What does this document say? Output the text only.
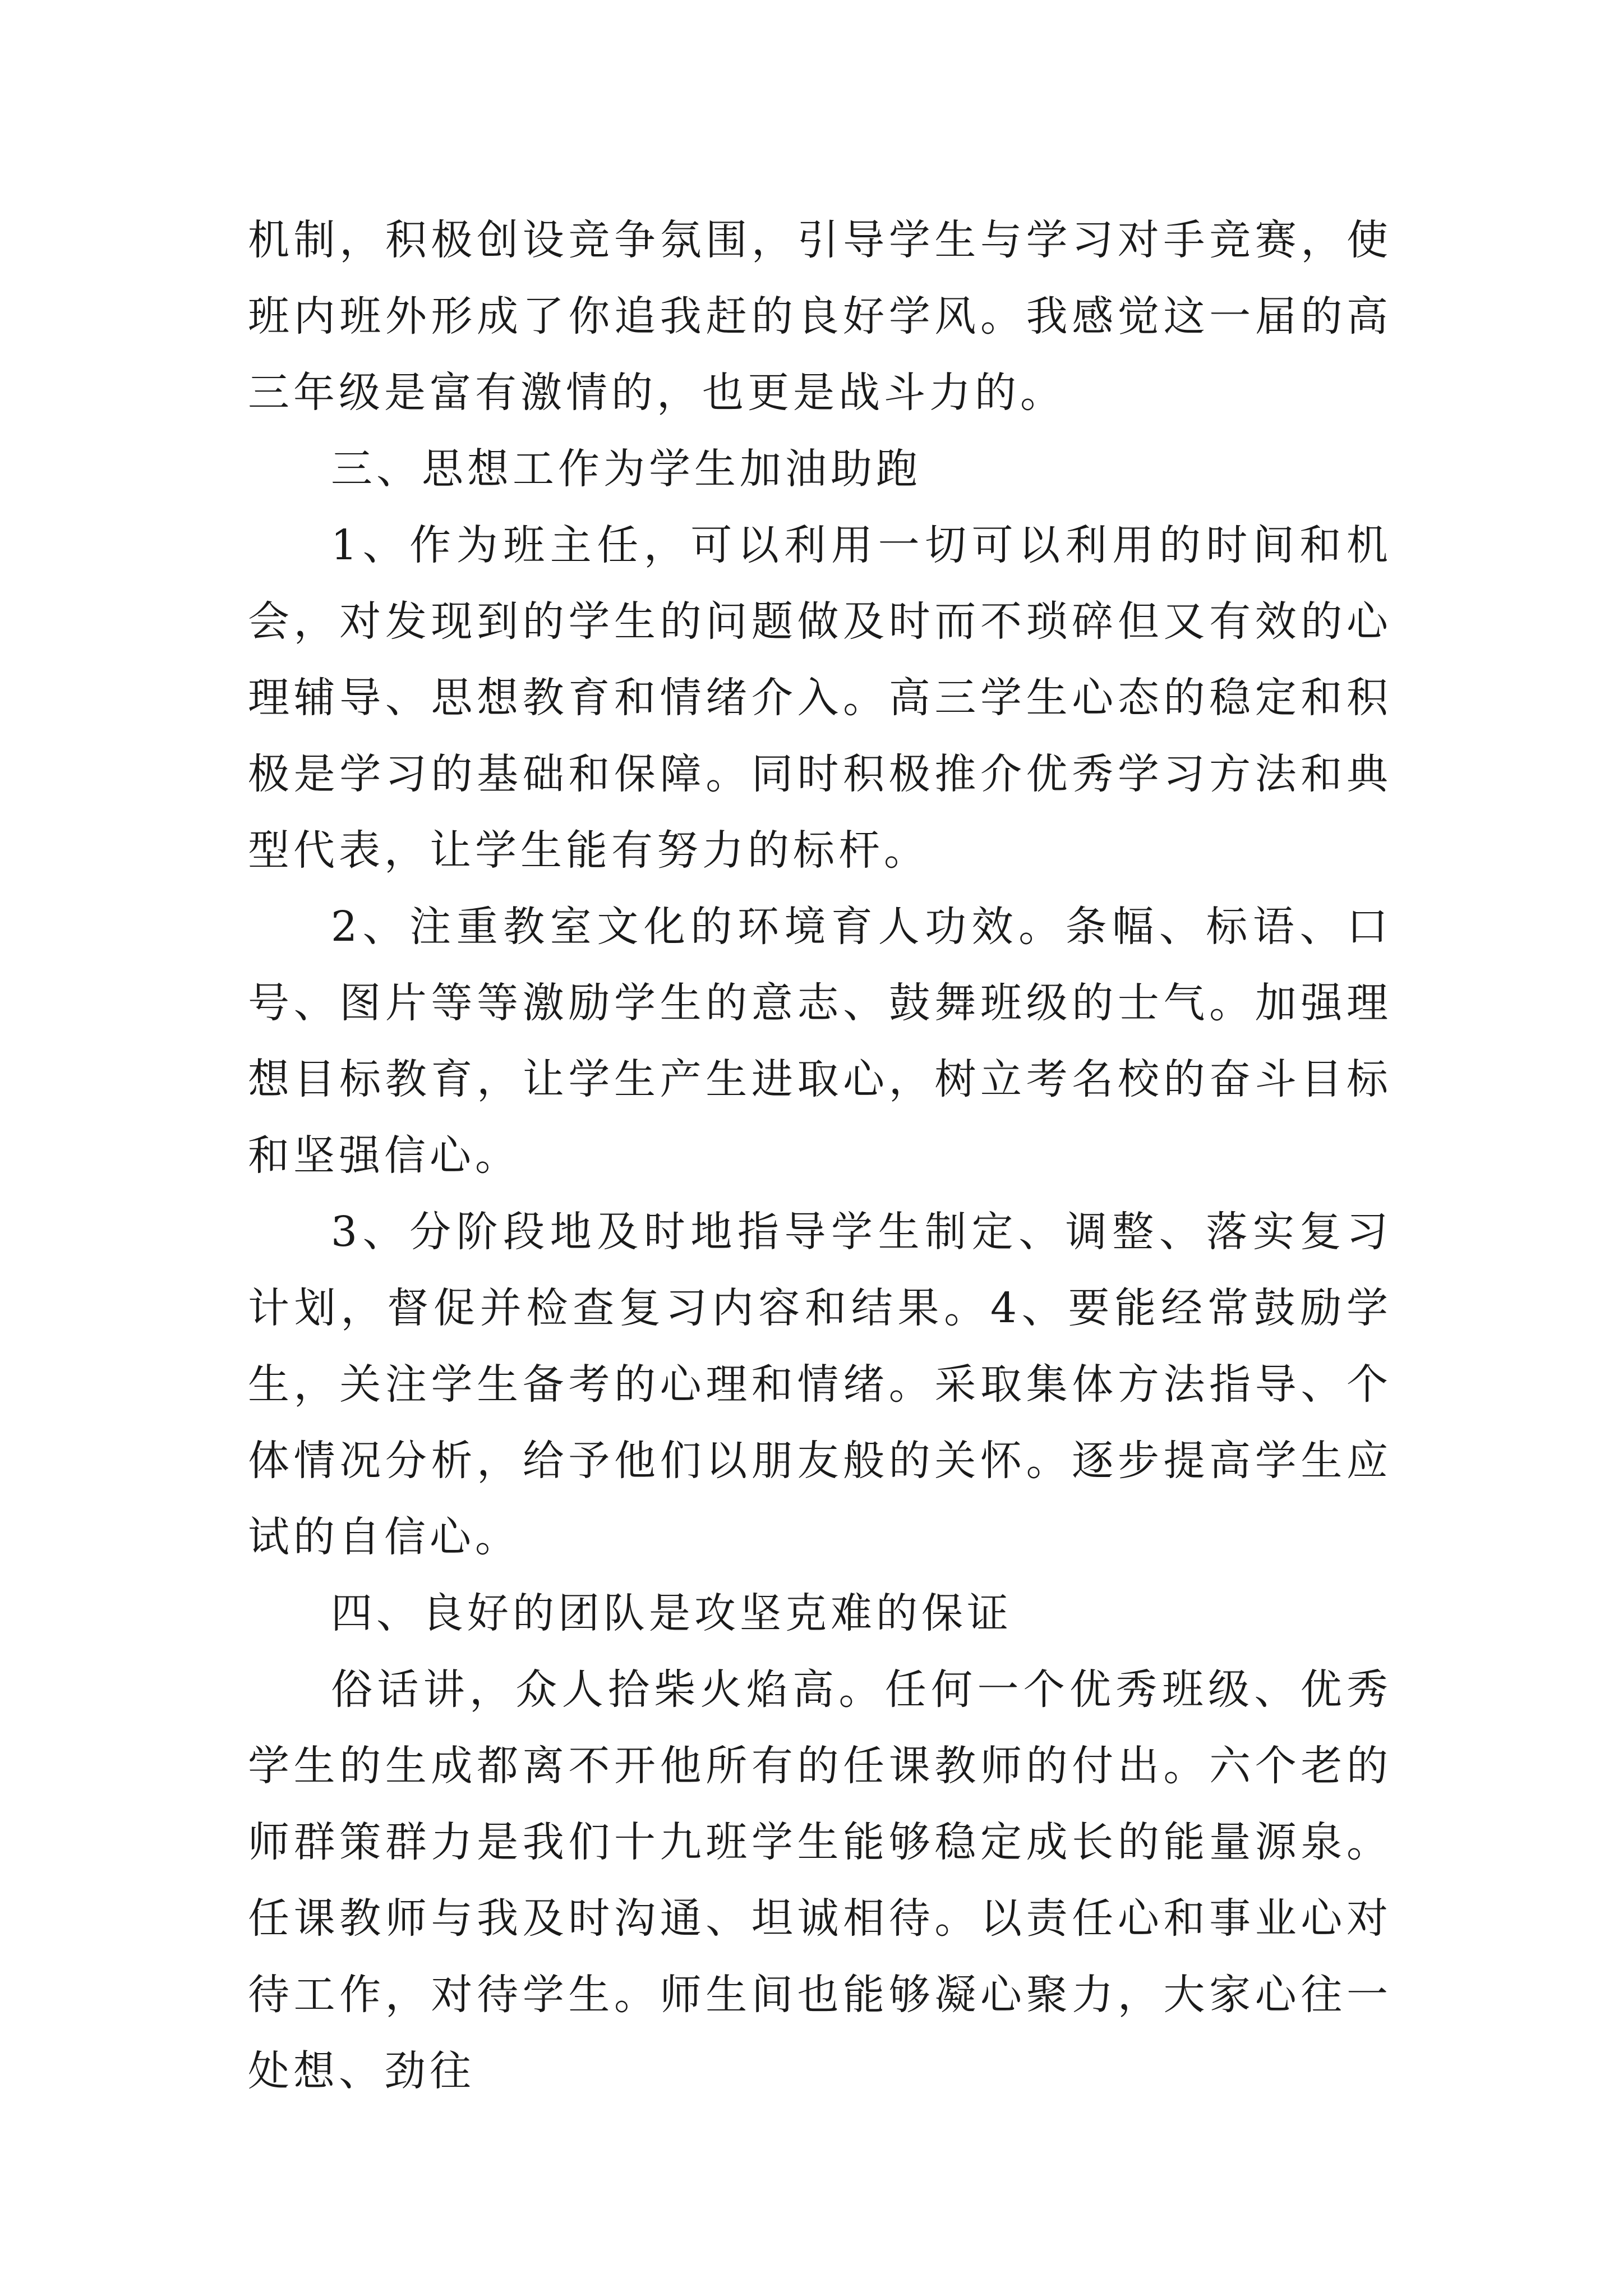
机制，积极创设竞争氛围，引导学生与学习对手竞赛，使班内班外形成了你追我赶的良好学风。我感觉这一届的高三年级是富有激情的，也更是战斗力的。

三、思想工作为学生加油助跑

1、作为班主任，可以利用一切可以利用的时间和机会，对发现到的学生的问题做及时而不琐碎但又有效的心理辅导、思想教育和情绪介入。高三学生心态的稳定和积极是学习的基础和保障。同时积极推介优秀学习方法和典型代表，让学生能有努力的标杆。

2、注重教室文化的环境育人功效。条幅、标语、口号、图片等等激励学生的意志、鼓舞班级的士气。加强理想目标教育，让学生产生进取心，树立考名校的奋斗目标和坚强信心。

3、分阶段地及时地指导学生制定、调整、落实复习计划，督促并检查复习内容和结果。4、要能经常鼓励学生，关注学生备考的心理和情绪。采取集体方法指导、个体情况分析，给予他们以朋友般的关怀。逐步提高学生应试的自信心。

四、良好的团队是攻坚克难的保证

俗话讲，众人拾柴火焰高。任何一个优秀班级、优秀学生的生成都离不开他所有的任课教师的付出。六个老的师群策群力是我们十九班学生能够稳定成长的能量源泉。任课教师与我及时沟通、坦诚相待。以责任心和事业心对待工作，对待学生。师生间也能够凝心聚力，大家心往一处想、劲往
